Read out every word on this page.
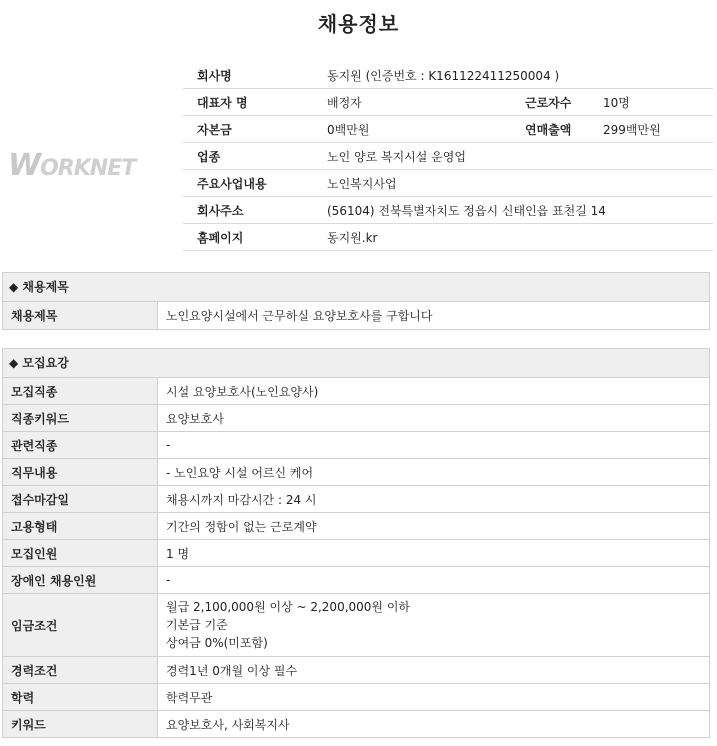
채용정보
WORKNET
회사명	동지원 (인증번호 : K161122411250004 )		
대표자 명	배정자	근로자수	10명
자본금	0백만원	연매출액	299백만원
업종	노인 양로 복지시설 운영업		
주요사업내용	노인복지사업		
회사주소	(56104) 전북특별자치도 정읍시 신태인읍 표천길 14		
홈페이지	동지원.kr		
◆ 채용제목
채용제목	노인요양시설에서 근무하실 요양보호사를 구합니다
◆ 모집요강
모집직종	시설 요양보호사(노인요양사)
직종키워드	요양보호사
관련직종	-
직무내용	- 노인요양 시설 어르신 케어
접수마감일	채용시까지 마감시간 : 24 시
고용형태	기간의 정함이 없는 근로계약
모집인원	1 명
장애인 채용인원	-
임금조건	월급 2,100,000원 이상 ~ 2,200,000원 이하
기본급 기준
상여금 0%(미포함)

경력조건	경력1년 0개월 이상 필수
학력	학력무관
키워드	요양보호사, 사회복지사
